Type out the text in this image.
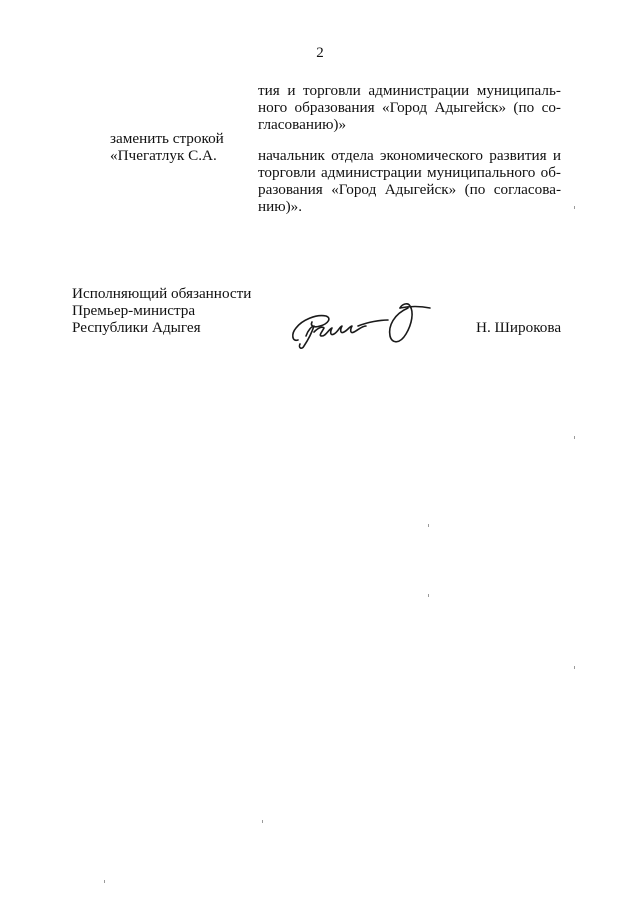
2
тия и торговли администрации муниципаль-
ного образования «Город Адыгейск» (по со-
гласованию)»
заменить строкой
«Пчегатлук С.А.	начальник отдела экономического развития и
торговли администрации муниципального об-
разования «Город Адыгейск» (по согласова-
нию)».
Исполняющий обязанности
Премьер-министра
Республики Адыгея	Н. Широкова
